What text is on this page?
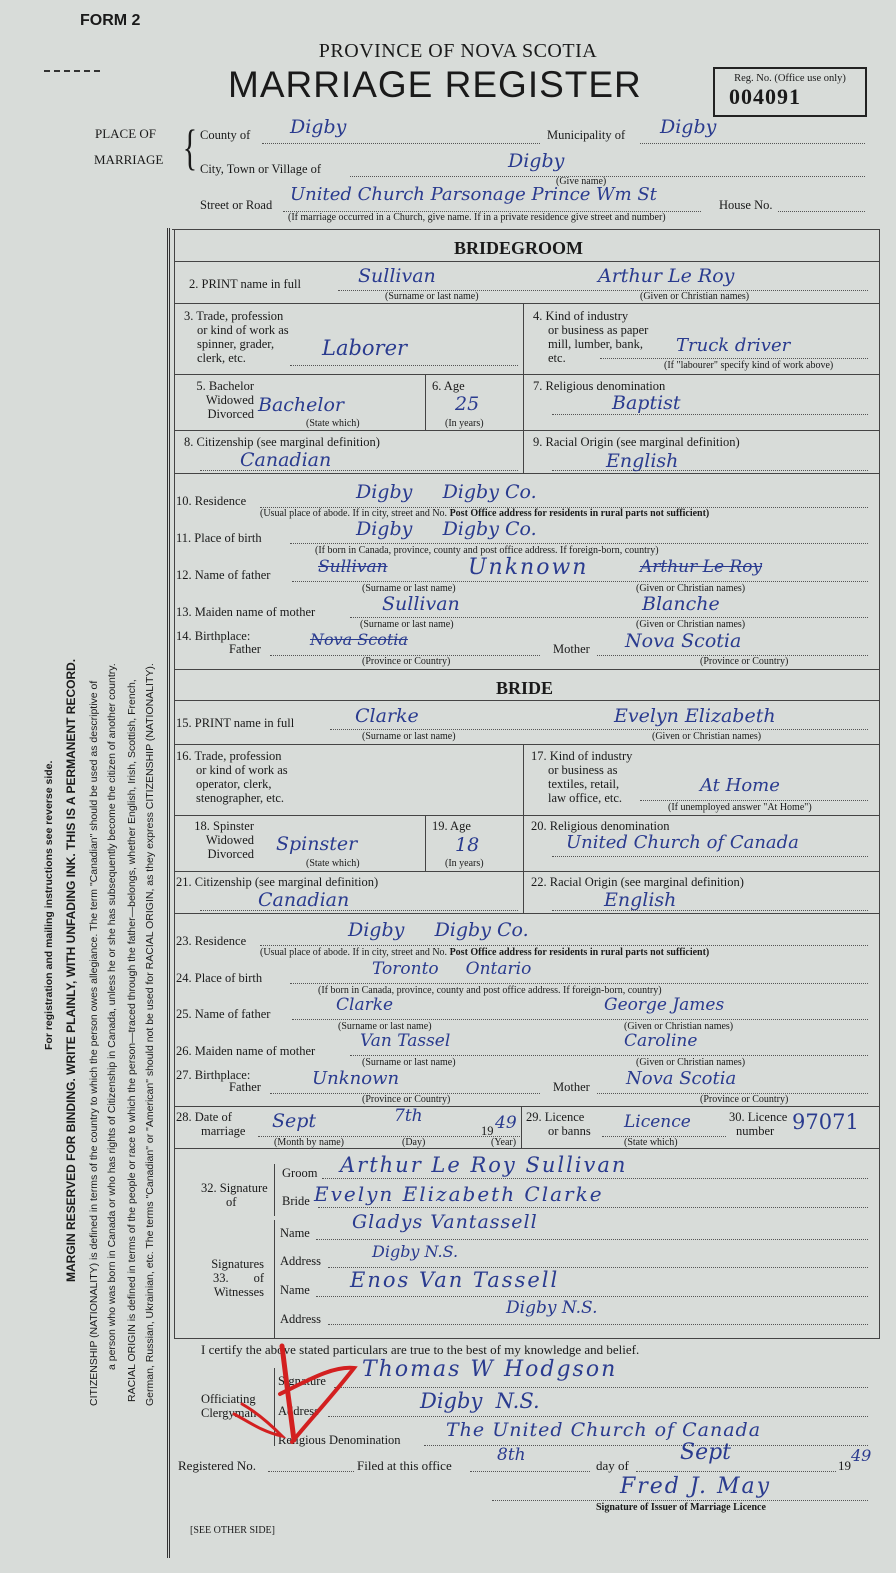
FORM 2
PROVINCE OF NOVA SCOTIA
MARRIAGE REGISTER	Reg. No. (Office use only)
004091
PLACE OF
MARRIAGE { County of Digby	Municipality of Digby
City, Town or Village of	Digby
(Give name)
Street or Road United Church Parsonage Prince Wm St	House No.
(If marriage occurred in a Church, give name. If in a private residence give street and number)
For registration and mailing instructions see reverse side. MARGIN RESERVED FOR BINDING. WRITE PLAINLY, WITH UNFADING INK. THIS IS A PERMANENT RECORD. CITIZENSHIP (NATIONALITY) is defined in terms of the country to which the person owes allegiance. The term "Canadian" should be used as descriptive of a person who was born in Canada or who has rights of Citizenship in Canada, unless he or she has subsequently become the citizen of another country. RACIAL ORIGIN is defined in terms of the people or race to which the person—traced through the father—belongs, whether English, Irish, Scottish, French, German, Russian, Ukrainian, etc. The terms "Canadian" or "American" should not be used for RACIAL ORIGIN, as they express CITIZENSHIP (NATIONALITY).
BRIDEGROOM
2. PRINT name in full	Sullivan	Arthur Le Roy
(Surname or last name)	(Given or Christian names)
3. Trade, profession
or kind of work as
spinner, grader,
clerk, etc.	Laborer
4. Kind of industry
or business as paper
mill, lumber, bank,
etc.
Truck driver
(If "labourer" specify kind of work above)
5. Bachelor
Widowed
Divorced Bachelor
(State which)
6. Age
25
(In years)
7. Religious denomination
Baptist
8. Citizenship (see marginal definition)
Canadian
9. Racial Origin (see marginal definition)
English
10. Residence	Digby     Digby Co.
(Usual place of abode. If in city, street and No. Post Office address for residents in rural parts not sufficient)
11. Place of birth	Digby     Digby Co.
(If born in Canada, province, county and post office address. If foreign-born, country)
12. Name of father	Sullivan	Unknown	Arthur Le Roy
(Surname or last name)	(Given or Christian names)
13. Maiden name of mother	Sullivan	Blanche
(Surname or last name)	(Given or Christian names)
14. Birthplace:
Father	Nova Scotia	Mother Nova Scotia
(Province or Country)	(Province or Country)
BRIDE
15. PRINT name in full	Clarke	Evelyn Elizabeth
(Surname or last name)	(Given or Christian names)
16. Trade, profession
or kind of work as
operator, clerk,
stenographer, etc.
17. Kind of industry
or business as
textiles, retail,
law office, etc.
At Home
(If unemployed answer "At Home")
18. Spinster
Widowed
Divorced Spinster
(State which)
19. Age
18
(In years)
20. Religious denomination
United Church of Canada
21. Citizenship (see marginal definition)
Canadian
22. Racial Origin (see marginal definition)
English
23. Residence	Digby     Digby Co.
(Usual place of abode. If in city, street and No. Post Office address for residents in rural parts not sufficient)
24. Place of birth	Toronto     Ontario
(If born in Canada, province, county and post office address. If foreign-born, country)
25. Name of father	Clarke	George James
(Surname or last name)	(Given or Christian names)
26. Maiden name of mother	Van Tassel	Caroline
(Surname or last name)	(Given or Christian names)
27. Birthplace:
Father	Unknown	Mother Nova Scotia
(Province or Country)	(Province or Country)
28. Date of
marriage Sept	7th
19 49
(Month by name)	(Day)	(Year)
29. Licence
or banns Licence
(State which)
30. Licence
number 97071
32. Signature
of
Groom Arthur Le Roy Sullivan
Bride Evelyn Elizabeth Clarke
Signatures
33.        of
Witnesses
Name Gladys Vantassell
Address	Digby N.S.
Name Enos Van Tassell
Address
Digby N.S.
I certify the above stated particulars are true to the best of my knowledge and belief.
Officiating
Clergyman
Signature Thomas W Hodgson
Address	Digby  N.S.
Religious Denomination The United Church of Canada
Registered No.	Filed at this office
8th
day of
Sept
19
49
Fred J. May
Signature of Issuer of Marriage Licence
[SEE OTHER SIDE]
